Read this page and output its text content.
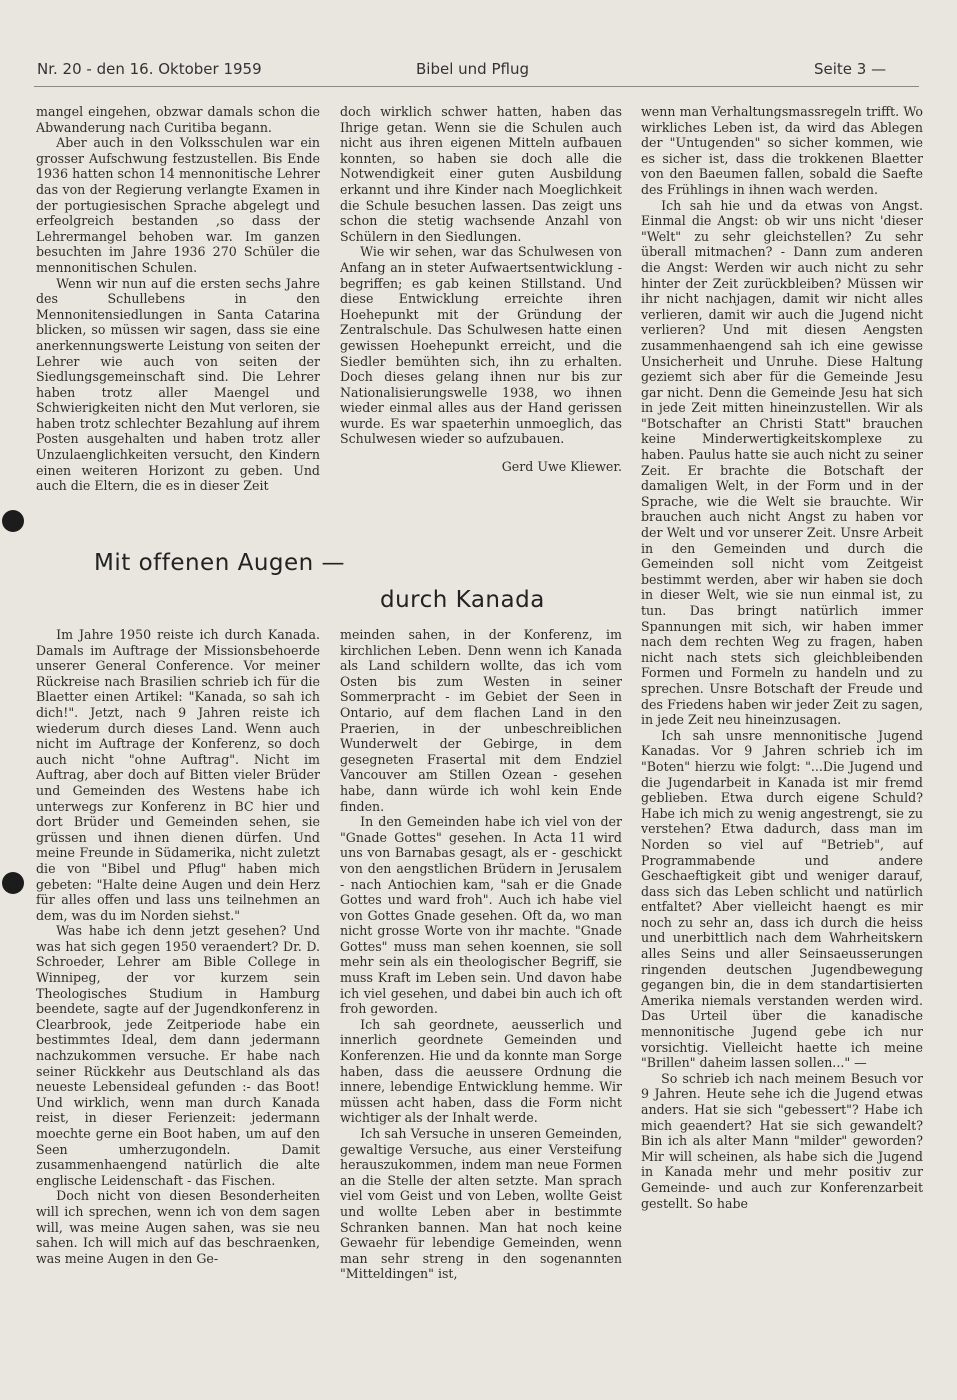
Nr. 20 - den 16. Oktober 1959	Bibel und Pflug	Seite 3 —

mangel eingehen, obzwar damals schon die Abwanderung nach Curitiba begann.

Aber auch in den Volksschulen war ein grosser Aufschwung festzustellen. Bis Ende 1936 hatten schon 14 mennonitische Lehrer das von der Regierung verlangte Examen in der portugiesischen Sprache abgelegt und erfeolgreich bestanden ,so dass der Lehrermangel behoben war. Im ganzen besuchten im Jahre 1936 270 Schüler die mennonitischen Schulen.

Wenn wir nun auf die ersten sechs Jahre des Schullebens in den Mennonitensiedlungen in Santa Catarina blicken, so müssen wir sagen, dass sie eine anerkennungswerte Leistung von seiten der Lehrer wie auch von seiten der Siedlungsgemeinschaft sind. Die Lehrer haben trotz aller Maengel und Schwierigkeiten nicht den Mut verloren, sie haben trotz schlechter Bezahlung auf ihrem Posten ausgehalten und haben trotz aller Unzulaenglichkeiten versucht, den Kindern einen weiteren Horizont zu geben. Und auch die Eltern, die es in dieser Zeit

doch wirklich schwer hatten, haben das Ihrige getan. Wenn sie die Schulen auch nicht aus ihren eigenen Mitteln aufbauen konnten, so haben sie doch alle die Notwendigkeit einer guten Ausbildung erkannt und ihre Kinder nach Moeglichkeit die Schule besuchen lassen. Das zeigt uns schon die stetig wachsende Anzahl von Schülern in den Siedlungen.

Wie wir sehen, war das Schulwesen von Anfang an in steter Aufwaertsentwicklung -begriffen; es gab keinen Stillstand. Und diese Entwicklung erreichte ihren Hoehepunkt mit der Gründung der Zentralschule. Das Schulwesen hatte einen gewissen Hoehepunkt erreicht, und die Siedler bemühten sich, ihn zu erhalten. Doch dieses gelang ihnen nur bis zur Nationalisierungswelle 1938, wo ihnen wieder einmal alles aus der Hand gerissen wurde. Es war spaeterhin unmoeglich, das Schulwesen wieder so aufzubauen.

Gerd Uwe Kliewer.

Mit offenen Augen —
durch Kanada

Im Jahre 1950 reiste ich durch Kanada. Damals im Auftrage der Missionsbehoerde unserer General Conference. Vor meiner Rückreise nach Brasilien schrieb ich für die Blaetter einen Artikel: "Kanada, so sah ich dich!". Jetzt, nach 9 Jahren reiste ich wiederum durch dieses Land. Wenn auch nicht im Auftrage der Konferenz, so doch auch nicht "ohne Auftrag". Nicht im Auftrag, aber doch auf Bitten vieler Brüder und Gemeinden des Westens habe ich unterwegs zur Konferenz in BC hier und dort Brüder und Gemeinden sehen, sie grüssen und ihnen dienen dürfen. Und meine Freunde in Südamerika, nicht zuletzt die von "Bibel und Pflug" haben mich gebeten: "Halte deine Augen und dein Herz für alles offen und lass uns teilnehmen an dem, was du im Norden siehst."

Was habe ich denn jetzt gesehen? Und was hat sich gegen 1950 veraendert? Dr. D. Schroeder, Lehrer am Bible College in Winnipeg, der vor kurzem sein Theologisches Studium in Hamburg beendete, sagte auf der Jugendkonferenz in Clearbrook, jede Zeitperiode habe ein bestimmtes Ideal, dem dann jedermann nachzukommen versuche. Er habe nach seiner Rückkehr aus Deutschland als das neueste Lebensideal gefunden :- das Boot! Und wirklich, wenn man durch Kanada reist, in dieser Ferienzeit: jedermann moechte gerne ein Boot haben, um auf den Seen umherzugondeln. Damit zusammenhaengend natürlich die alte englische Leidenschaft - das Fischen.

Doch nicht von diesen Besonderheiten will ich sprechen, wenn ich von dem sagen will, was meine Augen sahen, was sie neu sahen. Ich will mich auf das beschraenken, was meine Augen in den Ge-

meinden sahen, in der Konferenz, im kirchlichen Leben. Denn wenn ich Kanada als Land schildern wollte, das ich vom Osten bis zum Westen in seiner Sommerpracht - im Gebiet der Seen in Ontario, auf dem flachen Land in den Praerien, in der unbeschreiblichen Wunderwelt der Gebirge, in dem gesegneten Frasertal mit dem Endziel Vancouver am Stillen Ozean - gesehen habe, dann würde ich wohl kein Ende finden.

In den Gemeinden habe ich viel von der "Gnade Gottes" gesehen. In Acta 11 wird uns von Barnabas gesagt, als er - geschickt von den aengstlichen Brüdern in Jerusalem - nach Antiochien kam, "sah er die Gnade Gottes und ward froh". Auch ich habe viel von Gottes Gnade gesehen. Oft da, wo man nicht grosse Worte von ihr machte. "Gnade Gottes" muss man sehen koennen, sie soll mehr sein als ein theologischer Begriff, sie muss Kraft im Leben sein. Und davon habe ich viel gesehen, und dabei bin auch ich oft froh geworden.

Ich sah geordnete, aeusserlich und innerlich geordnete Gemeinden und Konferenzen. Hie und da konnte man Sorge haben, dass die aeussere Ordnung die innere, lebendige Entwicklung hemme. Wir müssen acht haben, dass die Form nicht wichtiger als der Inhalt werde.

Ich sah Versuche in unseren Gemeinden, gewaltige Versuche, aus einer Versteifung herauszukommen, indem man neue Formen an die Stelle der alten setzte. Man sprach viel vom Geist und von Leben, wollte Geist und wollte Leben aber in bestimmte Schranken bannen. Man hat noch keine Gewaehr für lebendige Gemeinden, wenn man sehr streng in den sogenannten "Mitteldingen" ist,

wenn man Verhaltungsmassregeln trifft. Wo wirkliches Leben ist, da wird das Ablegen der "Untugenden" so sicher kommen, wie es sicher ist, dass die trokkenen Blaetter von den Baeumen fallen, sobald die Saefte des Frühlings in ihnen wach werden.

Ich sah hie und da etwas von Angst. Einmal die Angst: ob wir uns nicht 'dieser "Welt" zu sehr gleichstellen? Zu sehr überall mitmachen? - Dann zum anderen die Angst: Werden wir auch nicht zu sehr hinter der Zeit zurückbleiben? Müssen wir ihr nicht nachjagen, damit wir nicht alles verlieren, damit wir auch die Jugend nicht verlieren? Und mit diesen Aengsten zusammenhaengend sah ich eine gewisse Unsicherheit und Unruhe. Diese Haltung geziemt sich aber für die Gemeinde Jesu gar nicht. Denn die Gemeinde Jesu hat sich in jede Zeit mitten hineinzustellen. Wir als "Botschafter an Christi Statt" brauchen keine Minderwertigkeitskomplexe zu haben. Paulus hatte sie auch nicht zu seiner Zeit. Er brachte die Botschaft der damaligen Welt, in der Form und in der Sprache, wie die Welt sie brauchte. Wir brauchen auch nicht Angst zu haben vor der Welt und vor unserer Zeit. Unsre Arbeit in den Gemeinden und durch die Gemeinden soll nicht vom Zeitgeist bestimmt werden, aber wir haben sie doch in dieser Welt, wie sie nun einmal ist, zu tun. Das bringt natürlich immer Spannungen mit sich, wir haben immer nach dem rechten Weg zu fragen, haben nicht nach stets sich gleichbleibenden Formen und Formeln zu handeln und zu sprechen. Unsre Botschaft der Freude und des Friedens haben wir jeder Zeit zu sagen, in jede Zeit neu hineinzusagen.

Ich sah unsre mennonitische Jugend Kanadas. Vor 9 Jahren schrieb ich im "Boten" hierzu wie folgt: "...Die Jugend und die Jugendarbeit in Kanada ist mir fremd geblieben. Etwa durch eigene Schuld? Habe ich mich zu wenig angestrengt, sie zu verstehen? Etwa dadurch, dass man im Norden so viel auf "Betrieb", auf Programmabende und andere Geschaeftigkeit gibt und weniger darauf, dass sich das Leben schlicht und natürlich entfaltet? Aber vielleicht haengt es mir noch zu sehr an, dass ich durch die heiss und unerbittlich nach dem Wahrheitskern alles Seins und aller Seinsaeusserungen ringenden deutschen Jugendbewegung gegangen bin, die in dem standartisierten Amerika niemals verstanden werden wird. Das Urteil über die kanadische mennonitische Jugend gebe ich nur vorsichtig. Vielleicht haette ich meine "Brillen" daheim lassen sollen..." —

So schrieb ich nach meinem Besuch vor 9 Jahren. Heute sehe ich die Jugend etwas anders. Hat sie sich "gebessert"? Habe ich mich geaendert? Hat sie sich gewandelt? Bin ich als alter Mann "milder" geworden? Mir will scheinen, als habe sich die Jugend in Kanada mehr und mehr positiv zur Gemeinde- und auch zur Konferenzarbeit gestellt. So habe
